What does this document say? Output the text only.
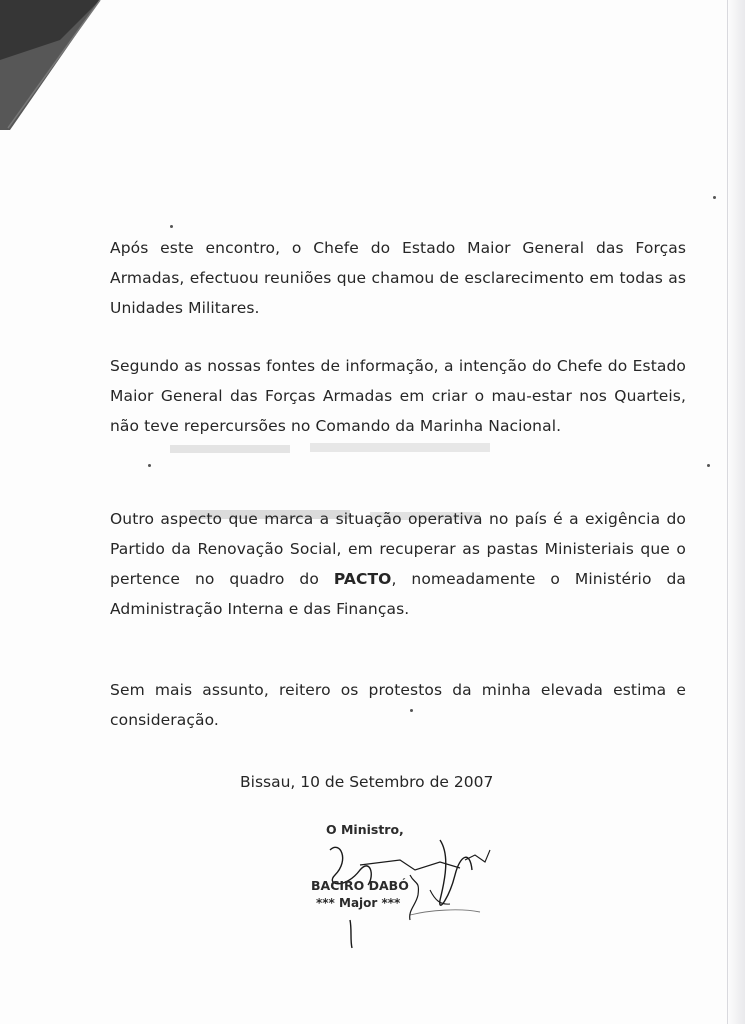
Após este encontro, o Chefe do Estado Maior General das Forças Armadas, efectuou reuniões que chamou de esclarecimento em todas as Unidades Militares.

Segundo as nossas fontes de informação, a intenção do Chefe do Estado Maior General das Forças Armadas em criar o mau-estar nos Quarteis, não teve repercursões no Comando da Marinha Nacional.

Outro aspecto que marca a situação operativa no país é a exigência do Partido da Renovação Social, em recuperar as pastas Ministeriais que o pertence no quadro do PACTO, nomeadamente o Ministério da Administração Interna e das Finanças.

Sem mais assunto, reitero os protestos da minha elevada estima e consideração.

Bissau, 10 de Setembro de 2007

O Ministro,

BACIRO DABÓ

*** Major ***
